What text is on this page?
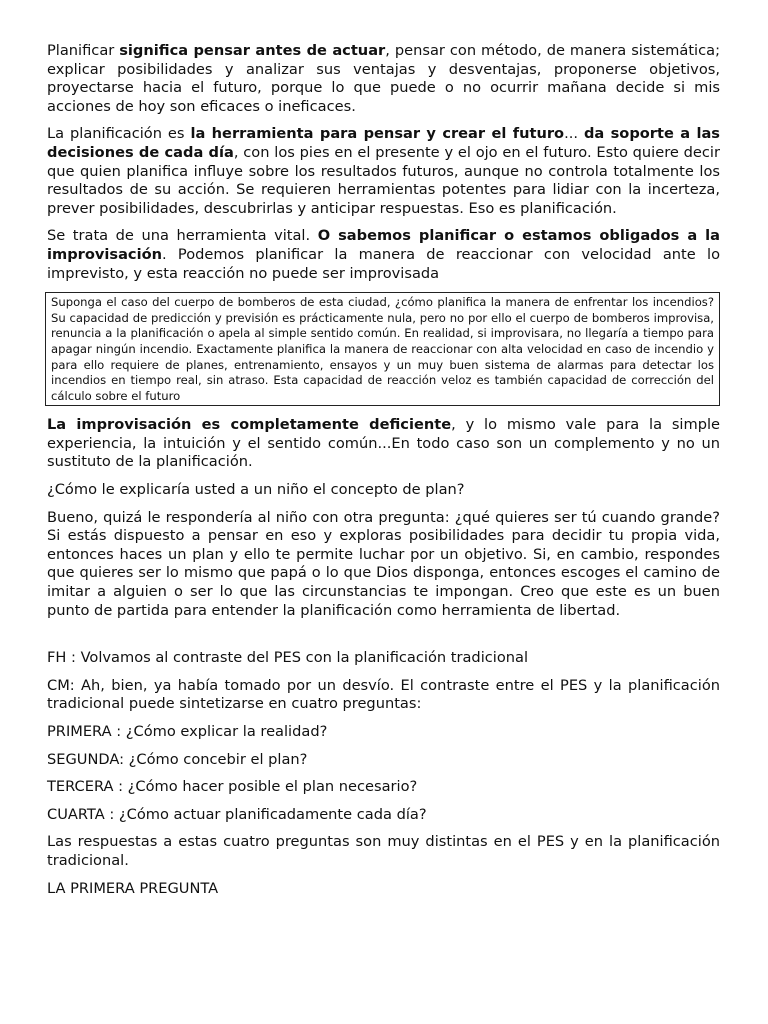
Planificar significa pensar antes de actuar, pensar con método, de manera sistemática; explicar posibilidades y analizar sus ventajas y desventajas, proponerse objetivos, proyectarse hacia el futuro, porque lo que puede o no ocurrir mañana decide si mis acciones de hoy son eficaces o ineficaces.

La planificación es la herramienta para pensar y crear el futuro... da soporte a las decisiones de cada día, con los pies en el presente y el ojo en el futuro. Esto quiere decir que quien planifica influye sobre los resultados futuros, aunque no controla totalmente los resultados de su acción. Se requieren herramientas potentes para lidiar con la incerteza, prever posibilidades, descubrirlas y anticipar respuestas. Eso es planificación.

Se trata de una herramienta vital. O sabemos planificar o estamos obligados a la improvisación. Podemos planificar la manera de reaccionar con velocidad ante lo imprevisto, y esta reacción no puede ser improvisada

Suponga el caso del cuerpo de bomberos de esta ciudad, ¿cómo planifica la manera de enfrentar los incendios? Su capacidad de predicción y previsión es prácticamente nula, pero no por ello el cuerpo de bomberos improvisa, renuncia a la planificación o apela al simple sentido común. En realidad, si improvisara, no llegaría a tiempo para apagar ningún incendio. Exactamente planifica la manera de reaccionar con alta velocidad en caso de incendio y para ello requiere de planes, entrenamiento, ensayos y un muy buen sistema de alarmas para detectar los incendios en tiempo real, sin atraso. Esta capacidad de reacción veloz es también capacidad de corrección del cálculo sobre el futuro

La improvisación es completamente deficiente, y lo mismo vale para la simple experiencia, la intuición y el sentido común...En todo caso son un complemento y no un sustituto de la planificación.

¿Cómo le explicaría usted a un niño el concepto de plan?

Bueno, quizá le respondería al niño con otra pregunta: ¿qué quieres ser tú cuando grande? Si estás dispuesto a pensar en eso y exploras posibilidades para decidir tu propia vida, entonces haces un plan y ello te permite luchar por un objetivo. Si, en cambio, respondes que quieres ser lo mismo que papá o lo que Dios disponga, entonces escoges el camino de imitar a alguien o ser lo que las circunstancias te impongan. Creo que este es un buen punto de partida para entender la planificación como herramienta de libertad.

FH : Volvamos al contraste del PES con la planificación tradicional

CM: Ah, bien, ya había tomado por un desvío. El contraste entre el PES y la planificación tradicional puede sintetizarse en cuatro preguntas:

PRIMERA : ¿Cómo explicar la realidad?

SEGUNDA: ¿Cómo concebir el plan?

TERCERA : ¿Cómo hacer posible el plan necesario?

CUARTA : ¿Cómo actuar planificadamente cada día?

Las respuestas a estas cuatro preguntas son muy distintas en el PES y en la planificación tradicional.

LA PRIMERA PREGUNTA
